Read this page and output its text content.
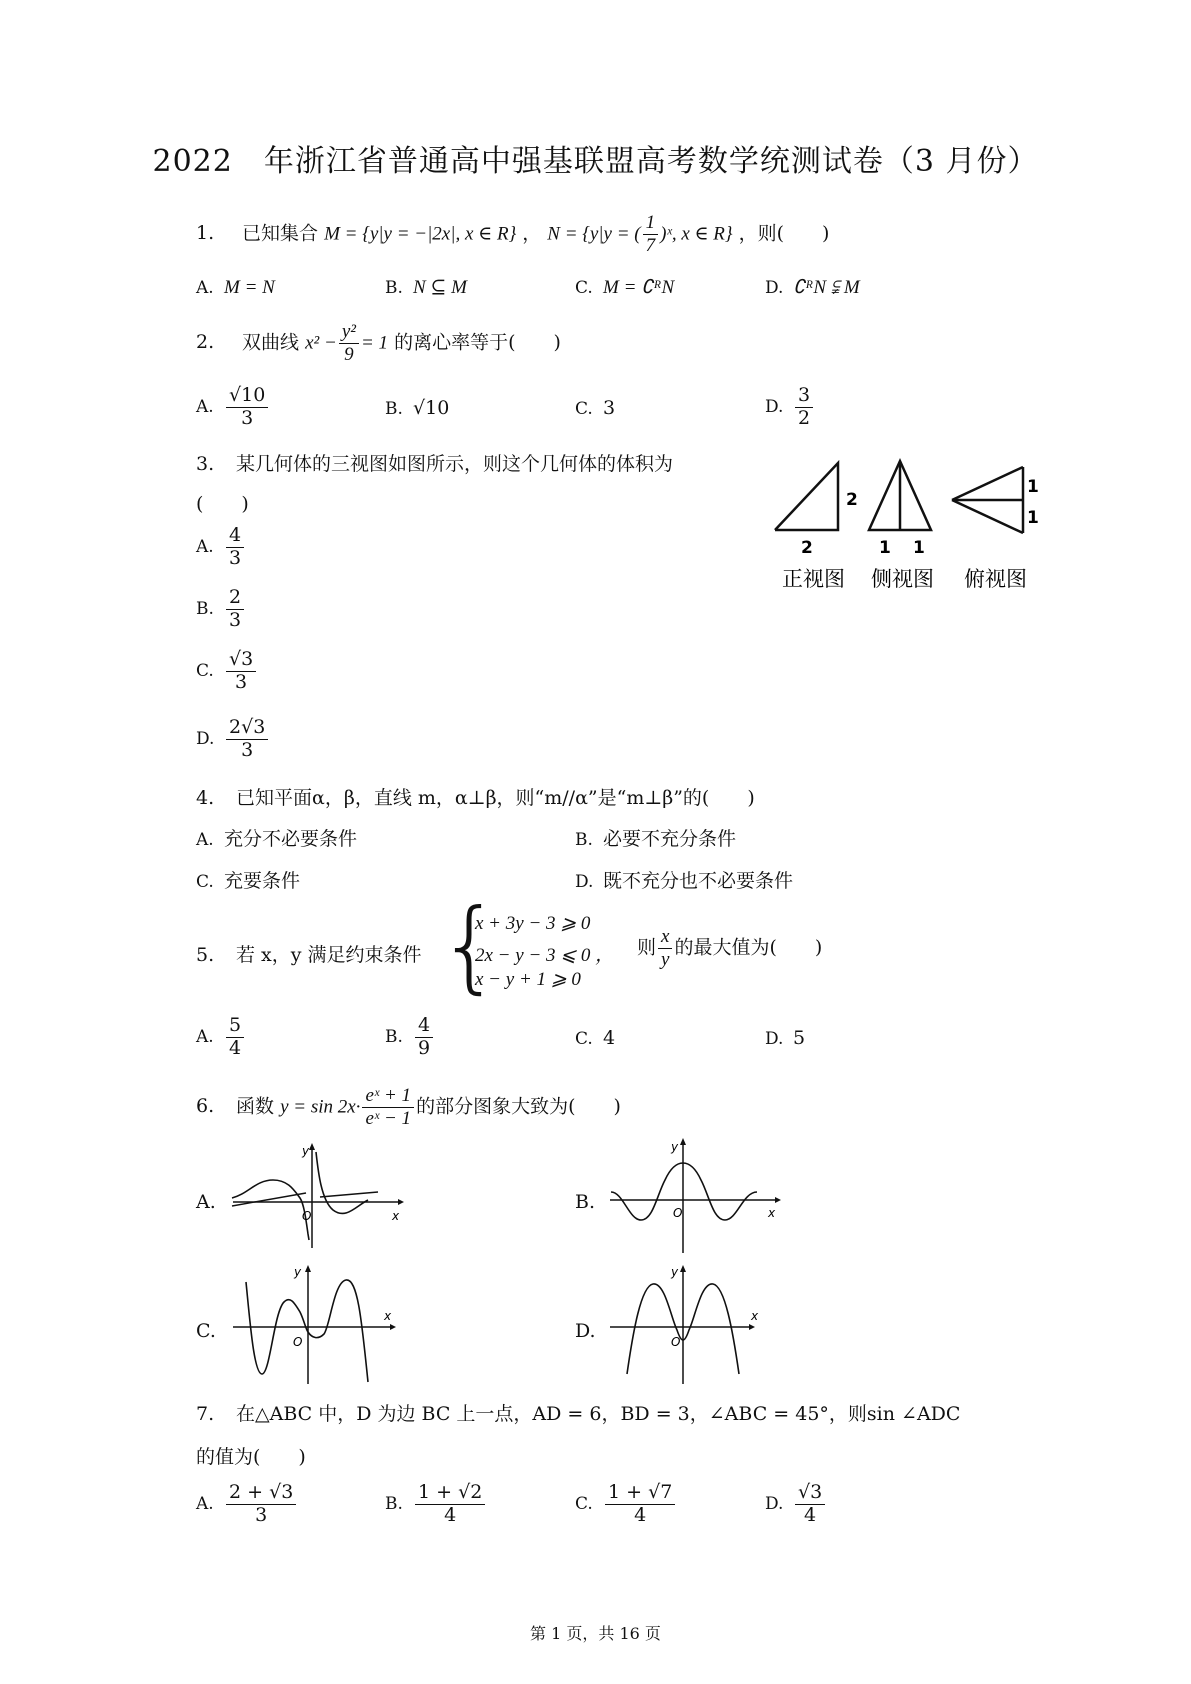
2022　年浙江省普通高中强基联盟高考数学统测试卷（3 月份）
1. 已知集合 M = {y|y = −|2x|, x ∈ R} ， N = {y|y = ( $\frac{1}{7}$ )ˣ, x ∈ R} ，则(　　)
A. M = N	B. N ⊆ M	C. M = ∁ᴿN	D. ∁ᴿN ⫋ M
2. 双曲线 $x^2 - \frac{\text{y²}}{9} = 1$ 的离心率等于(　　)
A. $\frac{√10}{3}$	B. √10	C. 3	D. $\frac{3}{2}$
3. 某几何体的三视图如图所示，则这个几何体的体积为
(　　)	2
2
正视图
1 1
侧视图
1
1
俯视图
A. $\frac{4}{3}$
B. $\frac{2}{3}$
C. $\frac{√3}{3}$
D. $\frac{2√3}{3}$
4. 已知平面α，β，直线 m，α⊥β，则“m//α”是“m⊥β”的(　　)
A. 充分不必要条件	B. 必要不充分条件
C. 充要条件	D. 既不充分也不必要条件
5. 若 x，y 满足约束条件 {
x + 3y − 3 ⩾ 0
2x − y − 3 ⩽ 0 ，
x − y + 1 ⩾ 0
则 $\frac{x}{y}$ 的最大值为(　　)
A. $\frac{5}{4}$	B. $\frac{4}{9}$	C. 4	D. 5
6. 函数 $y = \sin 2x\cdot \frac{\text{eˣ + 1}}{\text{eˣ − 1}}$ 的部分图象大致为(　　)
A.
x
y
O
B.	x
y
O
C.
x
y
O	D.
x
y
O
7. 在△ABC 中，D 为边 BC 上一点，AD = 6，BD = 3，∠ABC = 45°，则sin ∠ADC
的值为(　　)
A. $\frac{2 + √3}{3}$	B. $\frac{1 + √2}{4}$	C. $\frac{1 + √7}{4}$	D. $\frac{√3}{4}$
第 1 页，共 16 页
